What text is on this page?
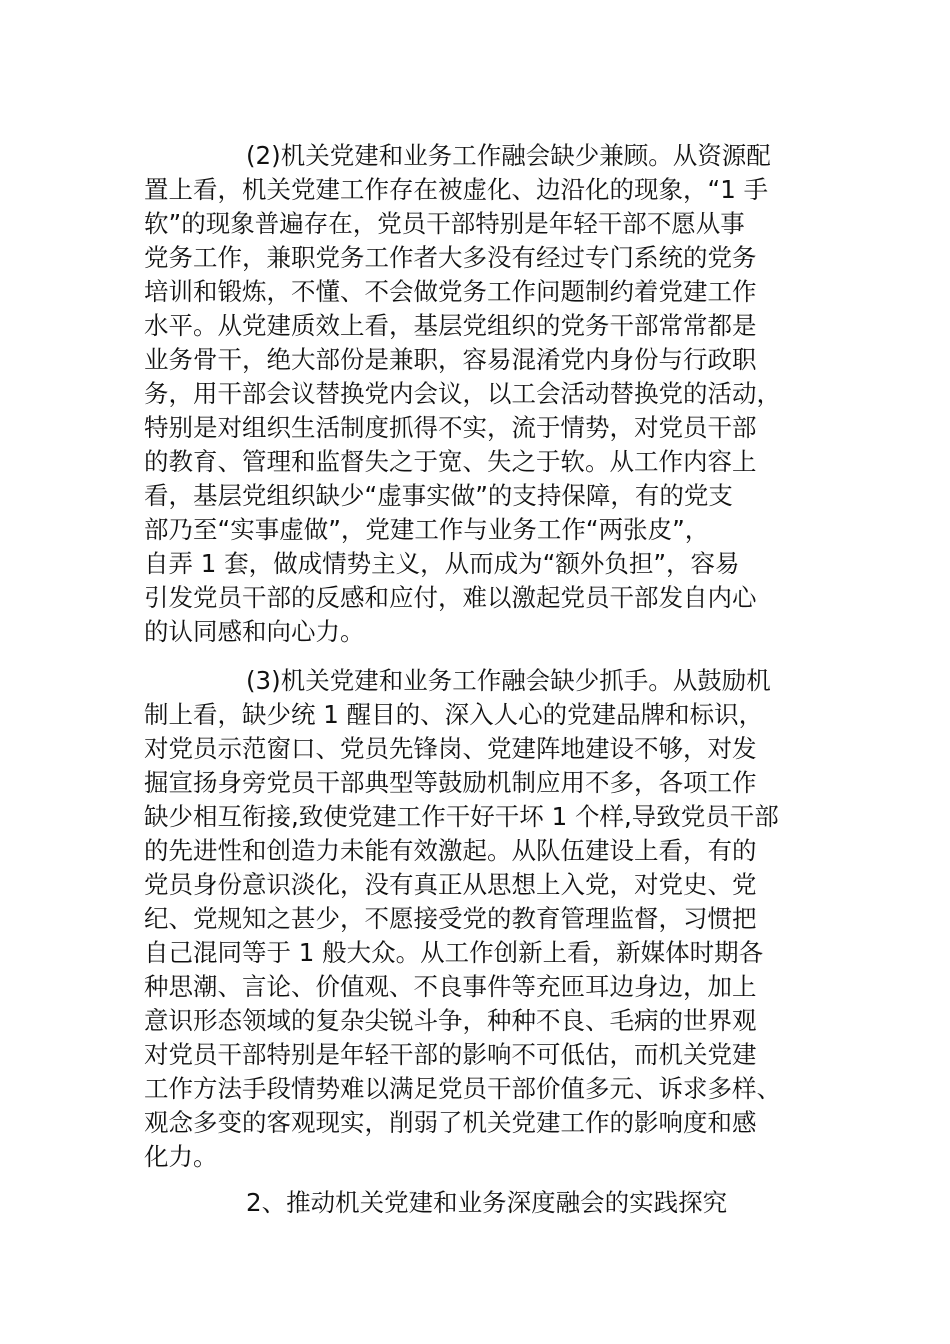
(2)机关党建和业务工作融会缺少兼顾。从资源配
置上看，机关党建工作存在被虚化、边沿化的现象，“1 手
软”的现象普遍存在，党员干部特别是年轻干部不愿从事
党务工作，兼职党务工作者大多没有经过专门系统的党务
培训和锻炼，不懂、不会做党务工作问题制约着党建工作
水平。从党建质效上看，基层党组织的党务干部常常都是
业务骨干，绝大部份是兼职，容易混淆党内身份与行政职
务，用干部会议替换党内会议，以工会活动替换党的活动，
特别是对组织生活制度抓得不实，流于情势，对党员干部
的教育、管理和监督失之于宽、失之于软。从工作内容上
看，基层党组织缺少“虚事实做”的支持保障，有的党支
部乃至“实事虚做”，党建工作与业务工作“两张皮”，
自弄 1 套，做成情势主义，从而成为“额外负担”，容易
引发党员干部的反感和应付，难以激起党员干部发自内心
的认同感和向心力。
(3)机关党建和业务工作融会缺少抓手。从鼓励机
制上看，缺少统 1 醒目的、深入人心的党建品牌和标识，
对党员示范窗口、党员先锋岗、党建阵地建设不够，对发
掘宣扬身旁党员干部典型等鼓励机制应用不多，各项工作
缺少相互衔接,致使党建工作干好干坏 1 个样,导致党员干部
的先进性和创造力未能有效激起。从队伍建设上看，有的
党员身份意识淡化，没有真正从思想上入党，对党史、党
纪、党规知之甚少，不愿接受党的教育管理监督，习惯把
自己混同等于 1 般大众。从工作创新上看，新媒体时期各
种思潮、言论、价值观、不良事件等充匝耳边身边，加上
意识形态领域的复杂尖锐斗争，种种不良、毛病的世界观
对党员干部特别是年轻干部的影响不可低估，而机关党建
工作方法手段情势难以满足党员干部价值多元、诉求多样、
观念多变的客观现实，削弱了机关党建工作的影响度和感
化力。
2、推动机关党建和业务深度融会的实践探究
